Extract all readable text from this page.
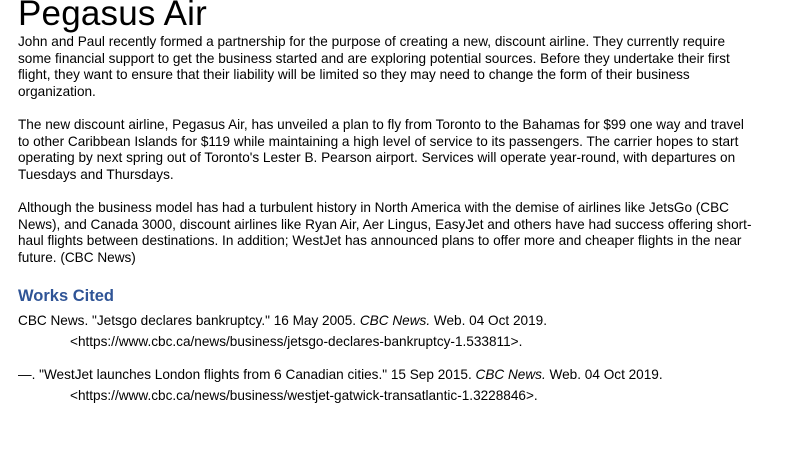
Pegasus Air

John and Paul recently formed a partnership for the purpose of creating a new, discount airline. They currently require some financial support to get the business started and are exploring potential sources. Before they undertake their first flight, they want to ensure that their liability will be limited so they may need to change the form of their business organization.

The new discount airline, Pegasus Air, has unveiled a plan to fly from Toronto to the Bahamas for $99 one way and travel to other Caribbean Islands for $119 while maintaining a high level of service to its passengers. The carrier hopes to start operating by next spring out of Toronto's Lester B. Pearson airport. Services will operate year-round, with departures on Tuesdays and Thursdays.

Although the business model has had a turbulent history in North America with the demise of airlines like JetsGo (CBC News), and Canada 3000, discount airlines like Ryan Air, Aer Lingus, EasyJet and others have had success offering short-haul flights between destinations. In addition; WestJet has announced plans to offer more and cheaper flights in the near future. (CBC News)

Works Cited
CBC News. "Jetsgo declares bankruptcy." 16 May 2005. CBC News. Web. 04 Oct 2019.
<https://www.cbc.ca/news/business/jetsgo-declares-bankruptcy-1.533811>.
—. "WestJet launches London flights from 6 Canadian cities." 15 Sep 2015. CBC News. Web. 04 Oct 2019.
<https://www.cbc.ca/news/business/westjet-gatwick-transatlantic-1.3228846>.
